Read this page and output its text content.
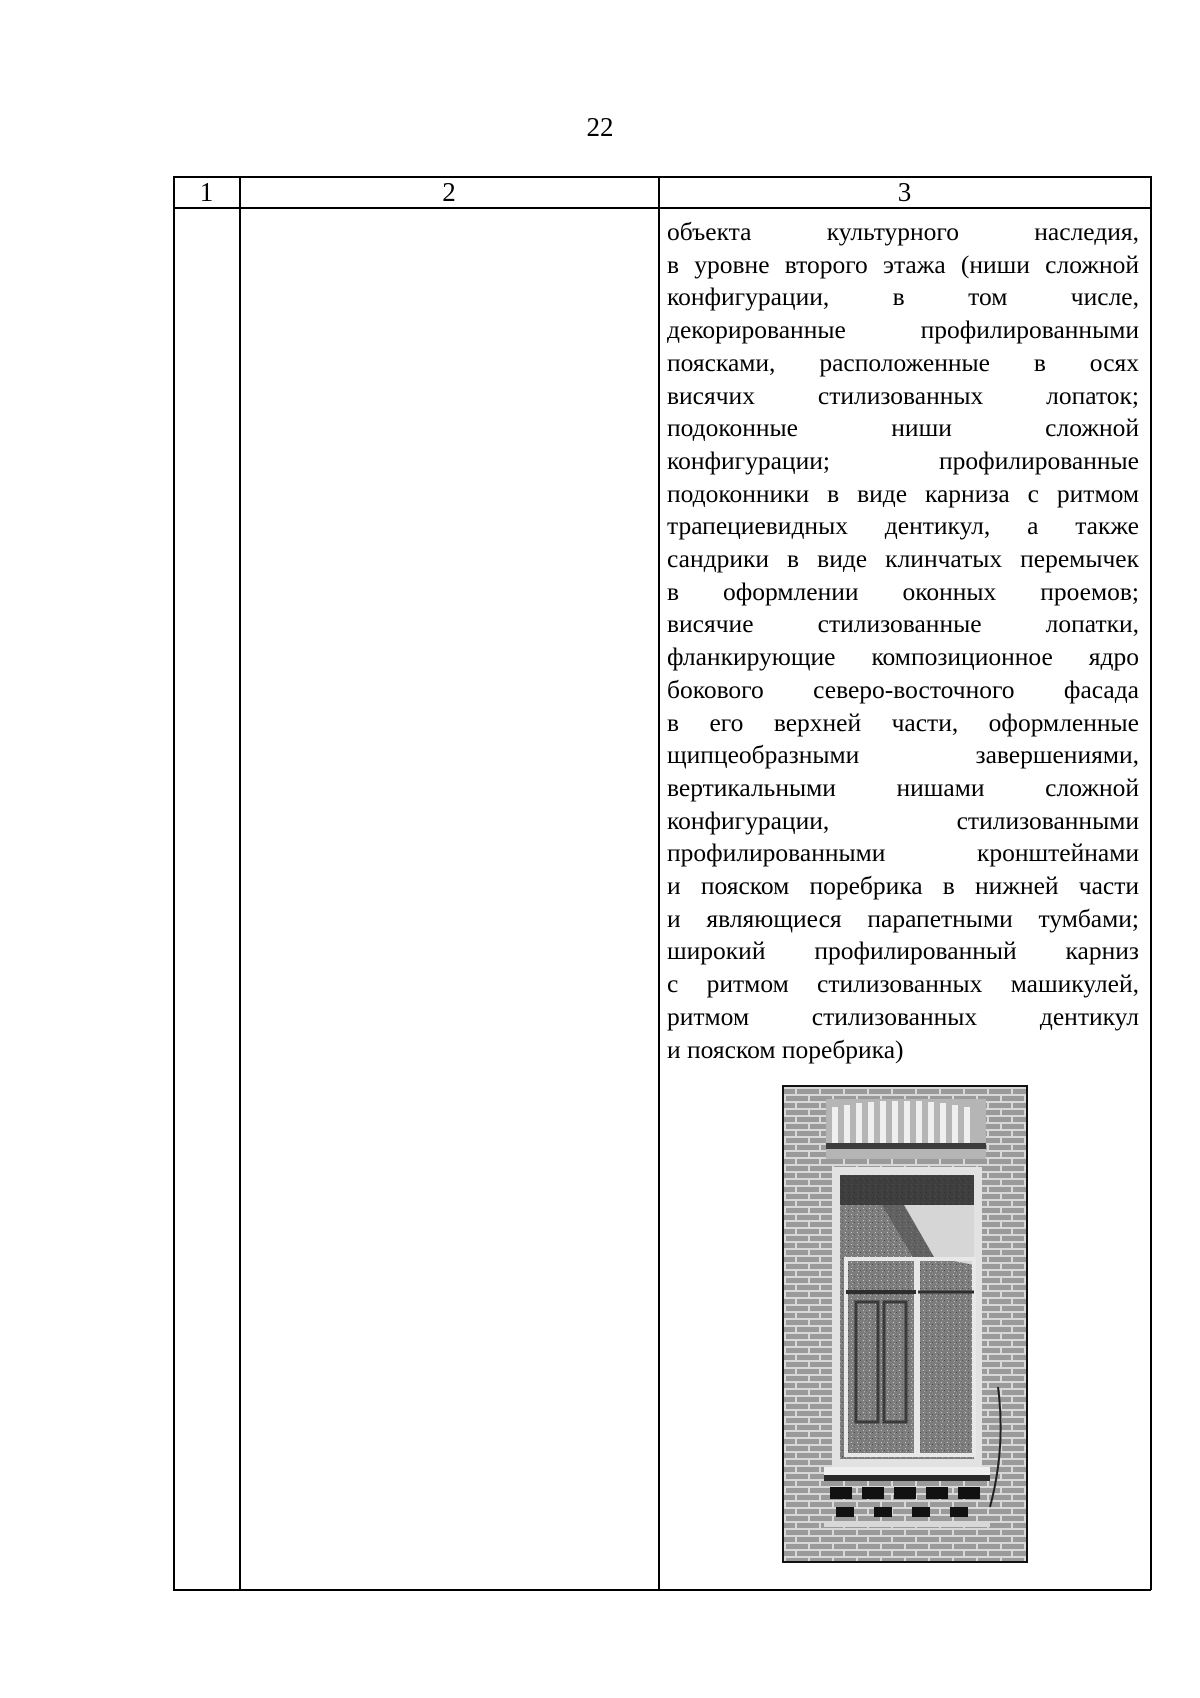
22
1	2	3
объекта культурного наследия,
в уровне второго этажа (ниши сложной
конфигурации, в том числе,
декорированные профилированными
поясками, расположенные в осях
висячих стилизованных лопаток;
подоконные ниши сложной
конфигурации; профилированные
подоконники в виде карниза с ритмом
трапециевидных дентикул, а также
сандрики в виде клинчатых перемычек
в оформлении оконных проемов;
висячие стилизованные лопатки,
фланкирующие композиционное ядро
бокового северо-восточного фасада
в его верхней части, оформленные
щипцеобразными завершениями,
вертикальными нишами сложной
конфигурации, стилизованными
профилированными кронштейнами
и пояском поребрика в нижней части
и являющиеся парапетными тумбами;
широкий профилированный карниз
с ритмом стилизованных машикулей,
ритмом стилизованных дентикул
и пояском поребрика)
